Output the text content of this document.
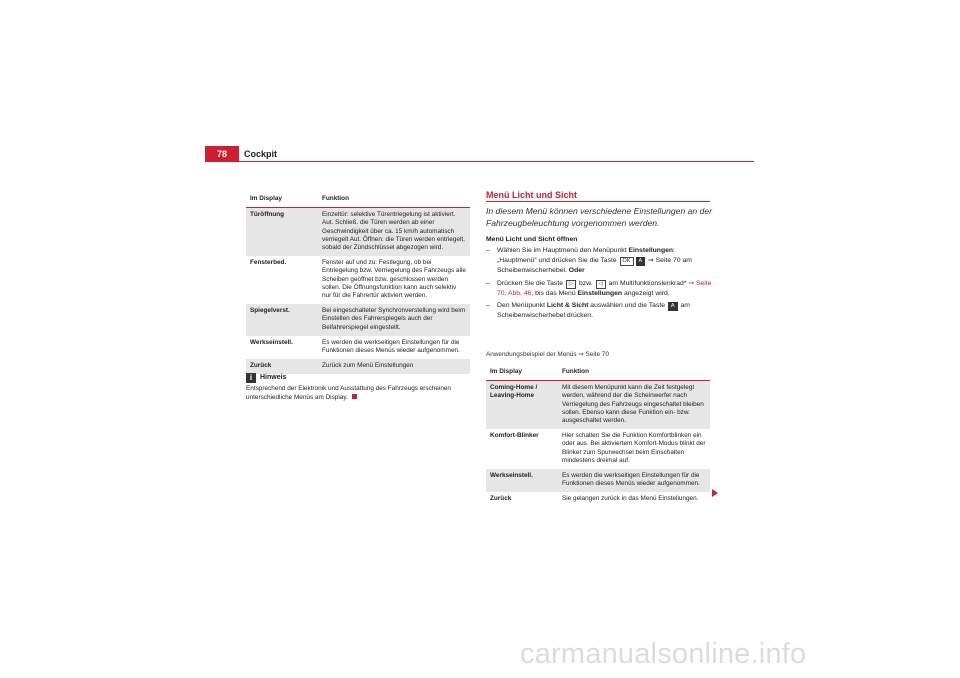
78	Cockpit
Im Display	Funktion
Türöffnung	Einzeltür: selektive Türentriegelung ist aktiviert. Aut. Schließ. die Türen werden ab einer Geschwindigkeit über ca. 15 km/h automatisch verriegelt Aut. Öffnen: die Türen werden entriegelt, sobald der Zündschlüssel abgezogen wird.
Fensterbed.	Fenster auf und zu: Festlegung, ob bei Entriegelung bzw. Verriegelung des Fahrzeugs alle Scheiben geöffnet bzw. geschlossen werden sollen. Die Öffnungsfunktion kann auch selektiv nur für die Fahrertür aktiviert werden.
Spiegelverst.	Bei eingeschalteter Synchronverstellung wird beim Einstellen des Fahrerspiegels auch der Beifahrerspiegel eingestellt.
Werkseinstell.	Es werden die werkseitigen Einstellungen für die Funktionen dieses Menüs wieder aufgenommen.
Zurück	Zurück zum Menü Einstellungen
i	Hinweis
Entsprechend der Elektronik und Ausstattung des Fahrzeugs erscheinen unterschiedliche Menüs am Display.
Menü Licht und Sicht
In diesem Menü können verschiedene Einstellungen an der Fahrzeugbeleuchtung vorgenommen werden.
Menü Licht und Sicht öffnen
–	Wählen Sie im Hauptmenü den Menüpunkt Einstellungen: „Hauptmenü“ und drücken Sie die Taste OK A ⇒ Seite 70 am Scheibenwischerhebel. Oder
–	Drücken Sie die Taste ▷ bzw. ◁ am Multifunktionslenkrad* ⇒ Seite 70, Abb. 46, bis das Menü Einstellungen angezeigt wird.
–	Den Menüpunkt Licht & Sicht auswählen und die Taste A am Scheibenwischerhebel drücken.
Anwendungsbeispiel der Menüs ⇒ Seite 70
Im Display	Funktion
Coming-Home / Leaving-Home	Mit diesem Menüpunkt kann die Zeit festgelegt werden, während der die Scheinwerfer nach Verriegelung des Fahrzeugs eingeschaltet bleiben sollen. Ebenso kann diese Funktion ein- bzw. ausgeschaltet werden.
Komfort-Blinker	Hier schalten Sie die Funktion Komfortblinken ein oder aus. Bei aktiviertem Komfort-Modus blinkt der Blinker zum Spurwechsel beim Einschalten mindestens dreimal auf.
Werkseinstell.	Es werden die werkseitigen Einstellungen für die Funktionen dieses Menüs wieder aufgenommen.
Zurück	Sie gelangen zurück in das Menü Einstellungen.
carmanualsonline.info
